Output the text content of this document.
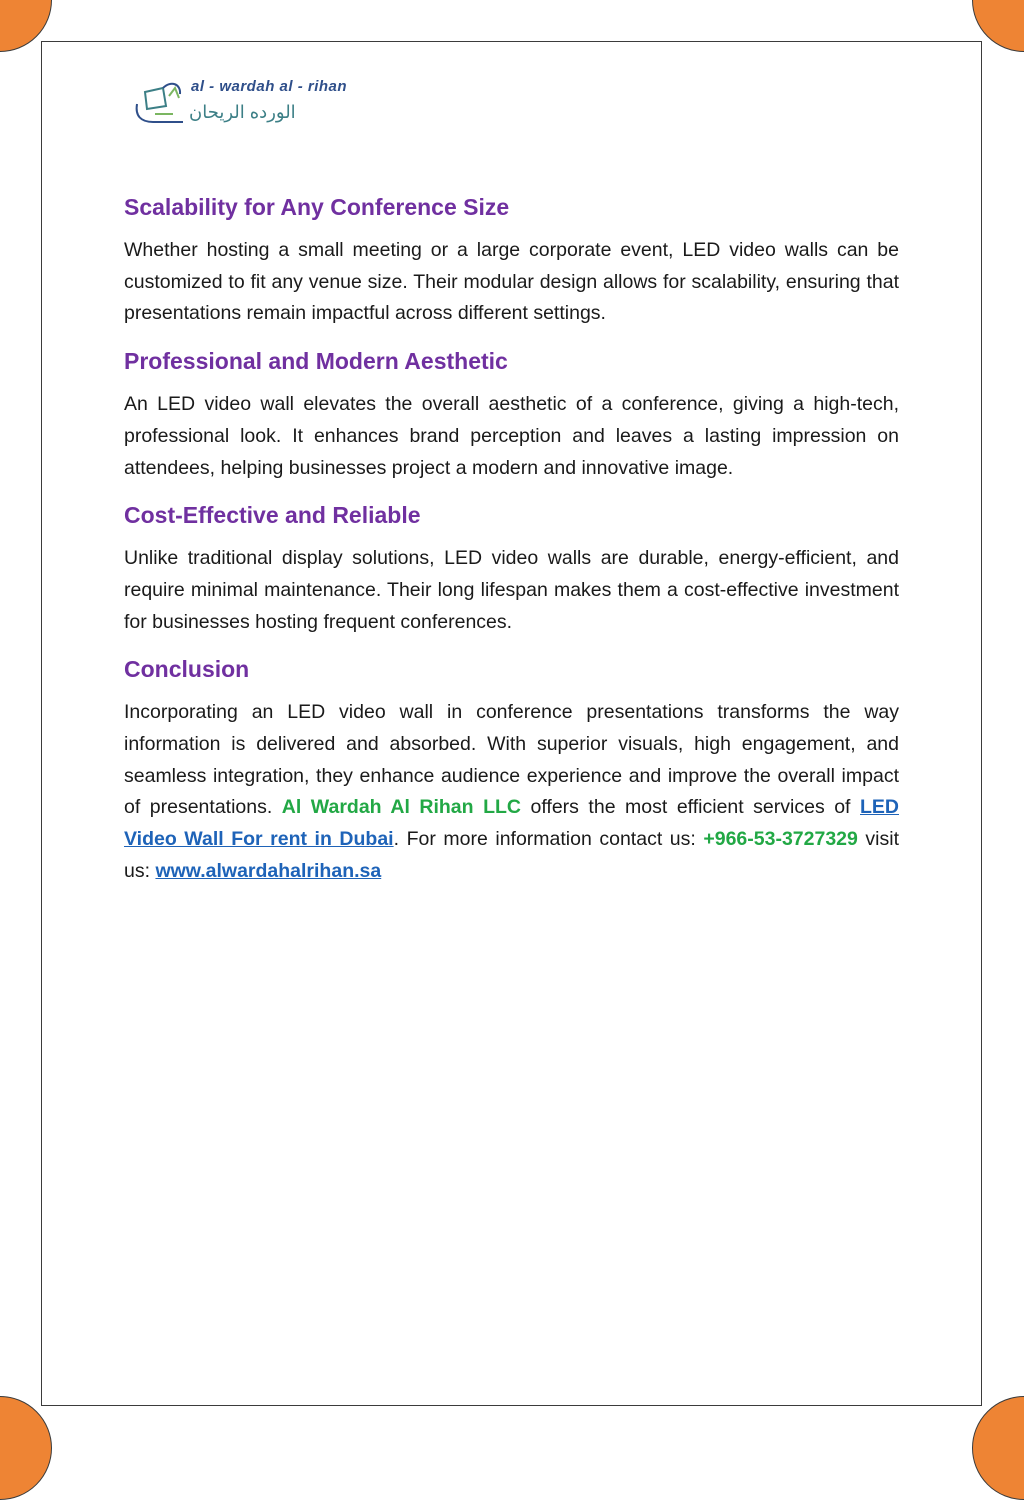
al - wardah al - rihan
الورده الريحان
Scalability for Any Conference Size

Whether hosting a small meeting or a large corporate event, LED video walls can be customized to fit any venue size. Their modular design allows for scalability, ensuring that presentations remain impactful across different settings.

Professional and Modern Aesthetic

An LED video wall elevates the overall aesthetic of a conference, giving a high-tech, professional look. It enhances brand perception and leaves a lasting impression on attendees, helping businesses project a modern and innovative image.

Cost-Effective and Reliable

Unlike traditional display solutions, LED video walls are durable, energy-efficient, and require minimal maintenance. Their long lifespan makes them a cost-effective investment for businesses hosting frequent conferences.

Conclusion

Incorporating an LED video wall in conference presentations transforms the way information is delivered and absorbed. With superior visuals, high engagement, and seamless integration, they enhance audience experience and improve the overall impact of presentations. Al Wardah Al Rihan LLC offers the most efficient services of LED Video Wall For rent in Dubai. For more information contact us: +966-53-3727329 visit us: www.alwardahalrihan.sa
